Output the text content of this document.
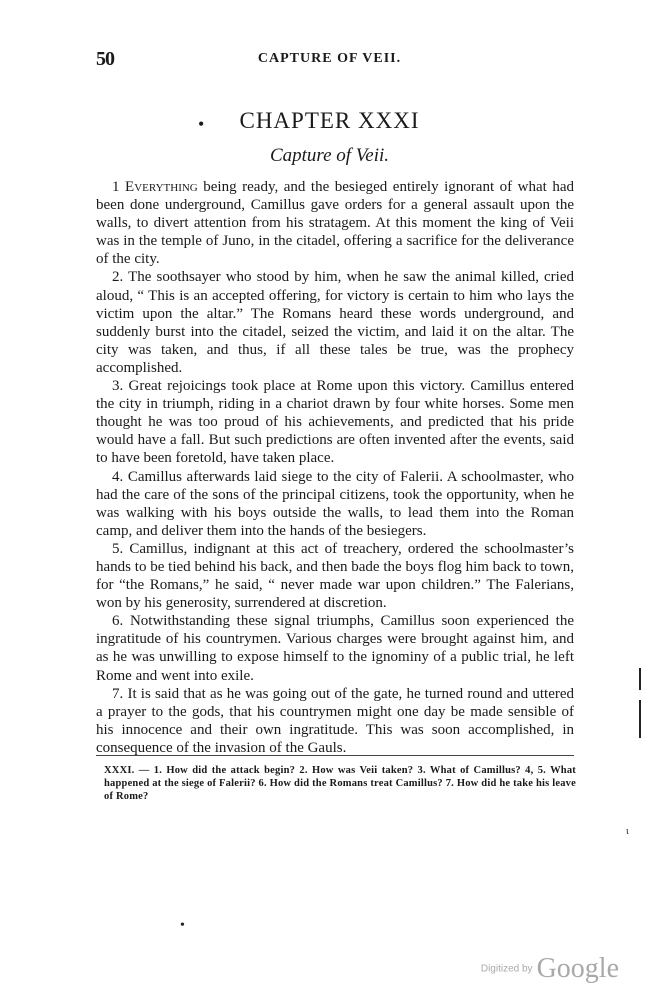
50	CAPTURE OF VEII.
•	CHAPTER XXXI
Capture of Veii.

1 Everything being ready, and the besieged entirely ignorant of what had been done underground, Camillus gave orders for a general assault upon the walls, to divert attention from his stratagem. At this moment the king of Veii was in the temple of Juno, in the citadel, offering a sacrifice for the deliverance of the city.

2. The soothsayer who stood by him, when he saw the animal killed, cried aloud, “ This is an accepted offering, for victory is certain to him who lays the victim upon the altar.” The Romans heard these words underground, and suddenly burst into the citadel, seized the victim, and laid it on the altar. The city was taken, and thus, if all these tales be true, was the prophecy accomplished.

3. Great rejoicings took place at Rome upon this victory. Camillus entered the city in triumph, riding in a chariot drawn by four white horses. Some men thought he was too proud of his achievements, and predicted that his pride would have a fall. But such predictions are often invented after the events, said to have been foretold, have taken place.

4. Camillus afterwards laid siege to the city of Falerii. A schoolmaster, who had the care of the sons of the principal citizens, took the opportunity, when he was walking with his boys outside the walls, to lead them into the Roman camp, and deliver them into the hands of the besiegers.

5. Camillus, indignant at this act of treachery, ordered the schoolmaster’s hands to be tied behind his back, and then bade the boys flog him back to town, for “the Romans,” he said, “ never made war upon children.” The Falerians, won by his generosity, surrendered at discretion.

6. Notwithstanding these signal triumphs, Camillus soon experienced the ingratitude of his countrymen. Various charges were brought against him, and as he was unwilling to expose himself to the ignominy of a public trial, he left Rome and went into exile.

7. It is said that as he was going out of the gate, he turned round and uttered a prayer to the gods, that his countrymen might one day be made sensible of his innocence and their own ingratitude. This was soon accomplished, in consequence of the invasion of the Gauls.

XXXI. — 1. How did the attack begin? 2. How was Veii taken? 3. What of Camillus? 4, 5. What happened at the siege of Falerii? 6. How did the Romans treat Camillus? 7. How did he take his leave of Rome?

•
ɩ
Digitized by Google
